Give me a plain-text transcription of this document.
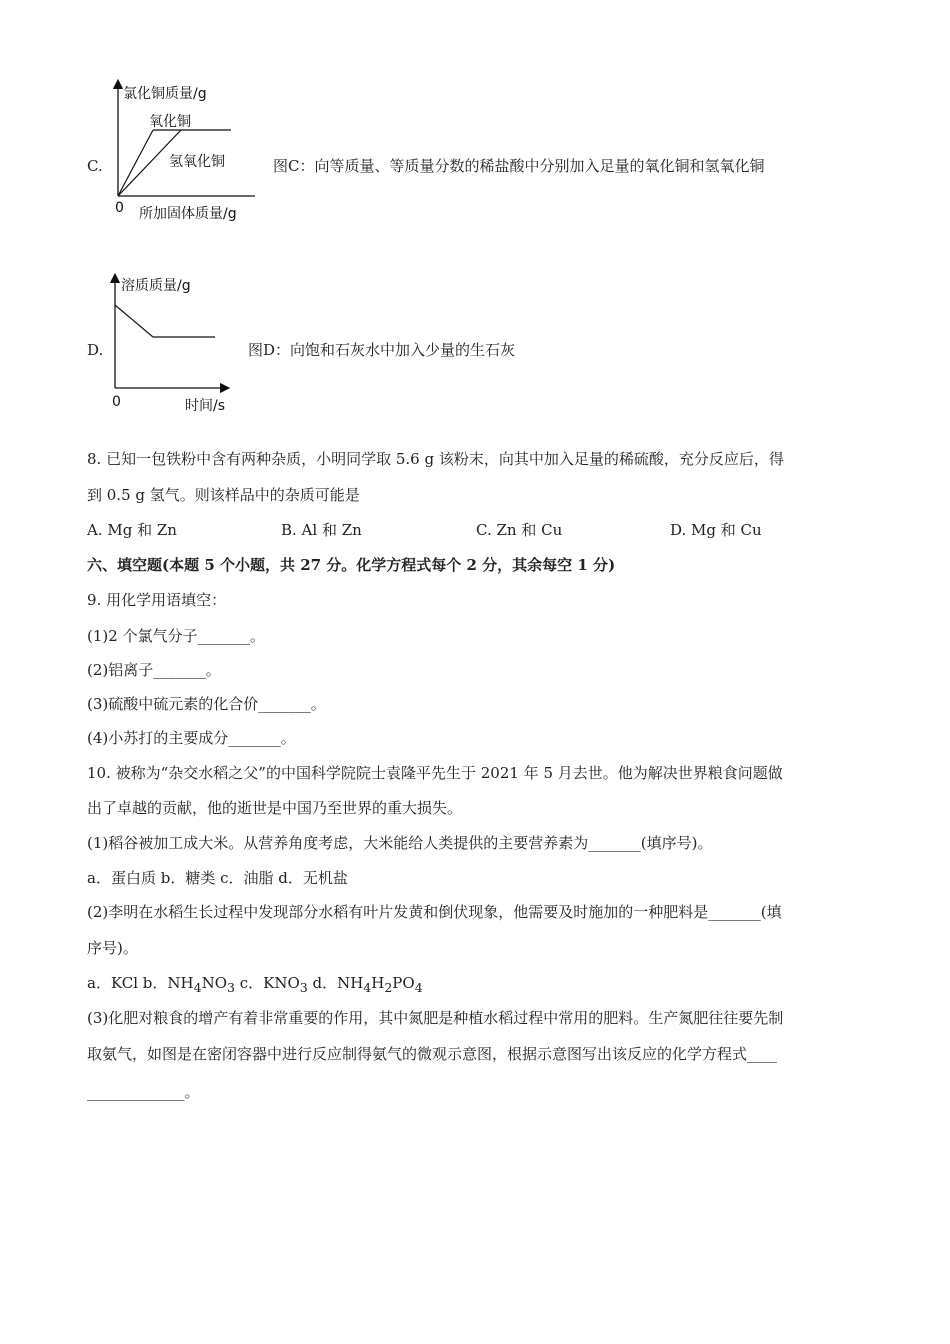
C.
氯化铜质量/g
氧化铜
氢氧化铜
0 所加固体质量/g
图C：向等质量、等质量分数的稀盐酸中分别加入足量的氧化铜和氢氧化铜
D.
溶质质量/g
0	时间/s
图D：向饱和石灰水中加入少量的生石灰
8. 已知一包铁粉中含有两种杂质，小明同学取 5.6 g 该粉末，向其中加入足量的稀硫酸，充分反应后，得
到 0.5 g 氢气。则该样品中的杂质可能是
A. Mg 和 Zn	B. Al 和 Zn	C. Zn 和 Cu	D. Mg 和 Cu
六、填空题(本题 5 个小题，共 27 分。化学方程式每个 2 分，其余每空 1 分)
9. 用化学用语填空：
(1)2 个氯气分子_______。
(2)铝离子_______。
(3)硫酸中硫元素的化合价_______。
(4)小苏打的主要成分_______。
10. 被称为“杂交水稻之父”的中国科学院院士袁隆平先生于 2021 年 5 月去世。他为解决世界粮食问题做
出了卓越的贡献，他的逝世是中国乃至世界的重大损失。
(1)稻谷被加工成大米。从营养角度考虑，大米能给人类提供的主要营养素为_______(填序号)。
a．蛋白质 b．糖类 c．油脂 d．无机盐
(2)李明在水稻生长过程中发现部分水稻有叶片发黄和倒伏现象，他需要及时施加的一种肥料是_______(填
序号)。
a．KCl b．$NH_4NO_3$ c．$KNO_3$ d．$NH_4H_2PO_4$
(3)化肥对粮食的增产有着非常重要的作用，其中氮肥是种植水稻过程中常用的肥料。生产氮肥往往要先制
取氨气，如图是在密闭容器中进行反应制得氨气的微观示意图，根据示意图写出该反应的化学方程式____
_____________。
